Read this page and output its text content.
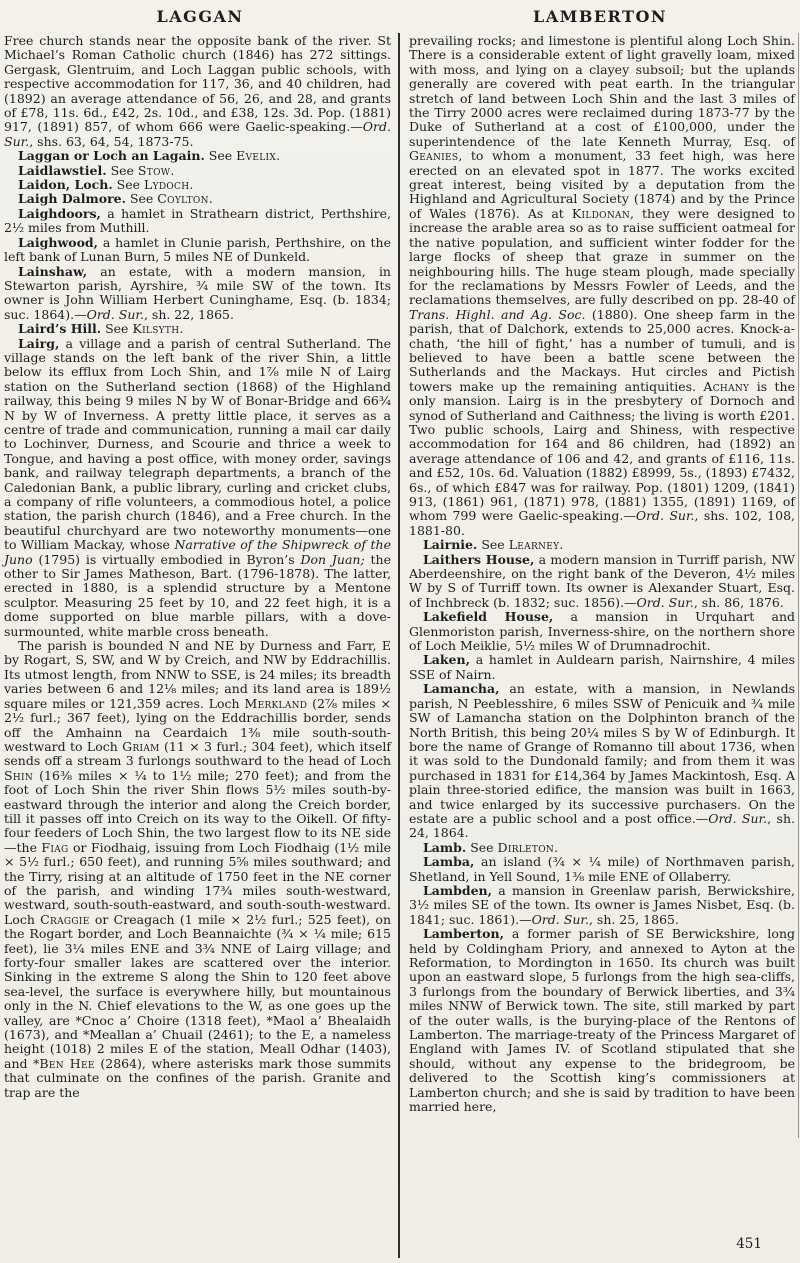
LAGGAN	LAMBERTON

Free church stands near the opposite bank of the river. St Michael’s Roman Catholic church (1846) has 272 sittings. Gergask, Glentruim, and Loch Laggan public schools, with respective accommodation for 117, 36, and 40 children, had (1892) an average attendance of 56, 26, and 28, and grants of £78, 11s. 6d., £42, 2s. 10d., and £38, 12s. 3d. Pop. (1881) 917, (1891) 857, of whom 666 were Gaelic-speaking.—Ord. Sur., shs. 63, 64, 54, 1873-75.

Laggan or Loch an Lagain. See Evelix.

Laidlawstiel. See Stow.

Laidon, Loch. See Lydoch.

Laigh Dalmore. See Coylton.

Laighdoors, a hamlet in Strathearn district, Perthshire, 2½ miles from Muthill.

Laighwood, a hamlet in Clunie parish, Perthshire, on the left bank of Lunan Burn, 5 miles NE of Dunkeld.

Lainshaw, an estate, with a modern mansion, in Stewarton parish, Ayrshire, ¾ mile SW of the town. Its owner is John William Herbert Cuninghame, Esq. (b. 1834; suc. 1864).—Ord. Sur., sh. 22, 1865.

Laird’s Hill. See Kilsyth.

Lairg, a village and a parish of central Sutherland. The village stands on the left bank of the river Shin, a little below its efflux from Loch Shin, and 1⅞ mile N of Lairg station on the Sutherland section (1868) of the Highland railway, this being 9 miles N by W of Bonar-Bridge and 66¾ N by W of Inverness. A pretty little place, it serves as a centre of trade and communication, running a mail car daily to Lochinver, Durness, and Scourie and thrice a week to Tongue, and having a post office, with money order, savings bank, and railway telegraph departments, a branch of the Caledonian Bank, a public library, curling and cricket clubs, a company of rifle volunteers, a commodious hotel, a police station, the parish church (1846), and a Free church. In the beautiful churchyard are two noteworthy monuments—one to William Mackay, whose Narrative of the Shipwreck of the Juno (1795) is virtually embodied in Byron’s Don Juan; the other to Sir James Matheson, Bart. (1796-1878). The latter, erected in 1880, is a splendid structure by a Mentone sculptor. Measuring 25 feet by 10, and 22 feet high, it is a dome supported on blue marble pillars, with a dove-surmounted, white marble cross beneath.

The parish is bounded N and NE by Durness and Farr, E by Rogart, S, SW, and W by Creich, and NW by Eddrachillis. Its utmost length, from NNW to SSE, is 24 miles; its breadth varies between 6 and 12⅛ miles; and its land area is 189½ square miles or 121,359 acres. Loch Merkland (2⅞ miles × 2½ furl.; 367 feet), lying on the Eddrachillis border, sends off the Amhainn na Ceardaich 1⅜ mile south-south-westward to Loch Griam (11 × 3 furl.; 304 feet), which itself sends off a stream 3 furlongs southward to the head of Loch Shin (16⅜ miles × ¼ to 1½ mile; 270 feet); and from the foot of Loch Shin the river Shin flows 5½ miles south-by-eastward through the interior and along the Creich border, till it passes off into Creich on its way to the Oikell. Of fifty-four feeders of Loch Shin, the two largest flow to its NE side—the Fiag or Fiodhaig, issuing from Loch Fiodhaig (1½ mile × 5½ furl.; 650 feet), and running 5⅝ miles southward; and the Tirry, rising at an altitude of 1750 feet in the NE corner of the parish, and winding 17¾ miles south-westward, westward, south-south-eastward, and south-south-westward. Loch Craggie or Creagach (1 mile × 2½ furl.; 525 feet), on the Rogart border, and Loch Beannaichte (¾ × ¼ mile; 615 feet), lie 3¼ miles ENE and 3¾ NNE of Lairg village; and forty-four smaller lakes are scattered over the interior. Sinking in the extreme S along the Shin to 120 feet above sea-level, the surface is everywhere hilly, but mountainous only in the N. Chief elevations to the W, as one goes up the valley, are *Cnoc a’ Choire (1318 feet), *Maol a’ Bhealaidh (1673), and *Meallan a’ Chuail (2461); to the E, a nameless height (1018) 2 miles E of the station, Meall Odhar (1403), and *Ben Hee (2864), where asterisks mark those summits that culminate on the confines of the parish. Granite and trap are the

prevailing rocks; and limestone is plentiful along Loch Shin. There is a considerable extent of light gravelly loam, mixed with moss, and lying on a clayey subsoil; but the uplands generally are covered with peat earth. In the triangular stretch of land between Loch Shin and the last 3 miles of the Tirry 2000 acres were reclaimed during 1873-77 by the Duke of Sutherland at a cost of £100,000, under the superintendence of the late Kenneth Murray, Esq. of Geanies, to whom a monument, 33 feet high, was here erected on an elevated spot in 1877. The works excited great interest, being visited by a deputation from the Highland and Agricultural Society (1874) and by the Prince of Wales (1876). As at Kildonan, they were designed to increase the arable area so as to raise sufficient oatmeal for the native population, and sufficient winter fodder for the large flocks of sheep that graze in summer on the neighbouring hills. The huge steam plough, made specially for the reclamations by Messrs Fowler of Leeds, and the reclamations themselves, are fully described on pp. 28-40 of Trans. Highl. and Ag. Soc. (1880). One sheep farm in the parish, that of Dalchork, extends to 25,000 acres. Knock-a-chath, ‘the hill of fight,’ has a number of tumuli, and is believed to have been a battle scene between the Sutherlands and the Mackays. Hut circles and Pictish towers make up the remaining antiquities. Achany is the only mansion. Lairg is in the presbytery of Dornoch and synod of Sutherland and Caithness; the living is worth £201. Two public schools, Lairg and Shiness, with respective accommodation for 164 and 86 children, had (1892) an average attendance of 106 and 42, and grants of £116, 11s. and £52, 10s. 6d. Valuation (1882) £8999, 5s., (1893) £7432, 6s., of which £847 was for railway. Pop. (1801) 1209, (1841) 913, (1861) 961, (1871) 978, (1881) 1355, (1891) 1169, of whom 799 were Gaelic-speaking.—Ord. Sur., shs. 102, 108, 1881-80.

Lairnie. See Learney.

Laithers House, a modern mansion in Turriff parish, NW Aberdeenshire, on the right bank of the Deveron, 4½ miles W by S of Turriff town. Its owner is Alexander Stuart, Esq. of Inchbreck (b. 1832; suc. 1856).—Ord. Sur., sh. 86, 1876.

Lakefield House, a mansion in Urquhart and Glenmoriston parish, Inverness-shire, on the northern shore of Loch Meiklie, 5½ miles W of Drumnadrochit.

Laken, a hamlet in Auldearn parish, Nairnshire, 4 miles SSE of Nairn.

Lamancha, an estate, with a mansion, in Newlands parish, N Peeblesshire, 6 miles SSW of Penicuik and ¾ mile SW of Lamancha station on the Dolphinton branch of the North British, this being 20¼ miles S by W of Edinburgh. It bore the name of Grange of Romanno till about 1736, when it was sold to the Dundonald family; and from them it was purchased in 1831 for £14,364 by James Mackintosh, Esq. A plain three-storied edifice, the mansion was built in 1663, and twice enlarged by its successive purchasers. On the estate are a public school and a post office.—Ord. Sur., sh. 24, 1864.

Lamb. See Dirleton.

Lamba, an island (¾ × ¼ mile) of Northmaven parish, Shetland, in Yell Sound, 1⅜ mile ENE of Ollaberry.

Lambden, a mansion in Greenlaw parish, Berwickshire, 3½ miles SE of the town. Its owner is James Nisbet, Esq. (b. 1841; suc. 1861).—Ord. Sur., sh. 25, 1865.

Lamberton, a former parish of SE Berwickshire, long held by Coldingham Priory, and annexed to Ayton at the Reformation, to Mordington in 1650. Its church was built upon an eastward slope, 5 furlongs from the high sea-cliffs, 3 furlongs from the boundary of Berwick liberties, and 3¾ miles NNW of Berwick town. The site, still marked by part of the outer walls, is the burying-place of the Rentons of Lamberton. The marriage-treaty of the Princess Margaret of England with James IV. of Scotland stipulated that she should, without any expense to the bridegroom, be delivered to the Scottish king’s commissioners at Lamberton church; and she is said by tradition to have been married here,

451
